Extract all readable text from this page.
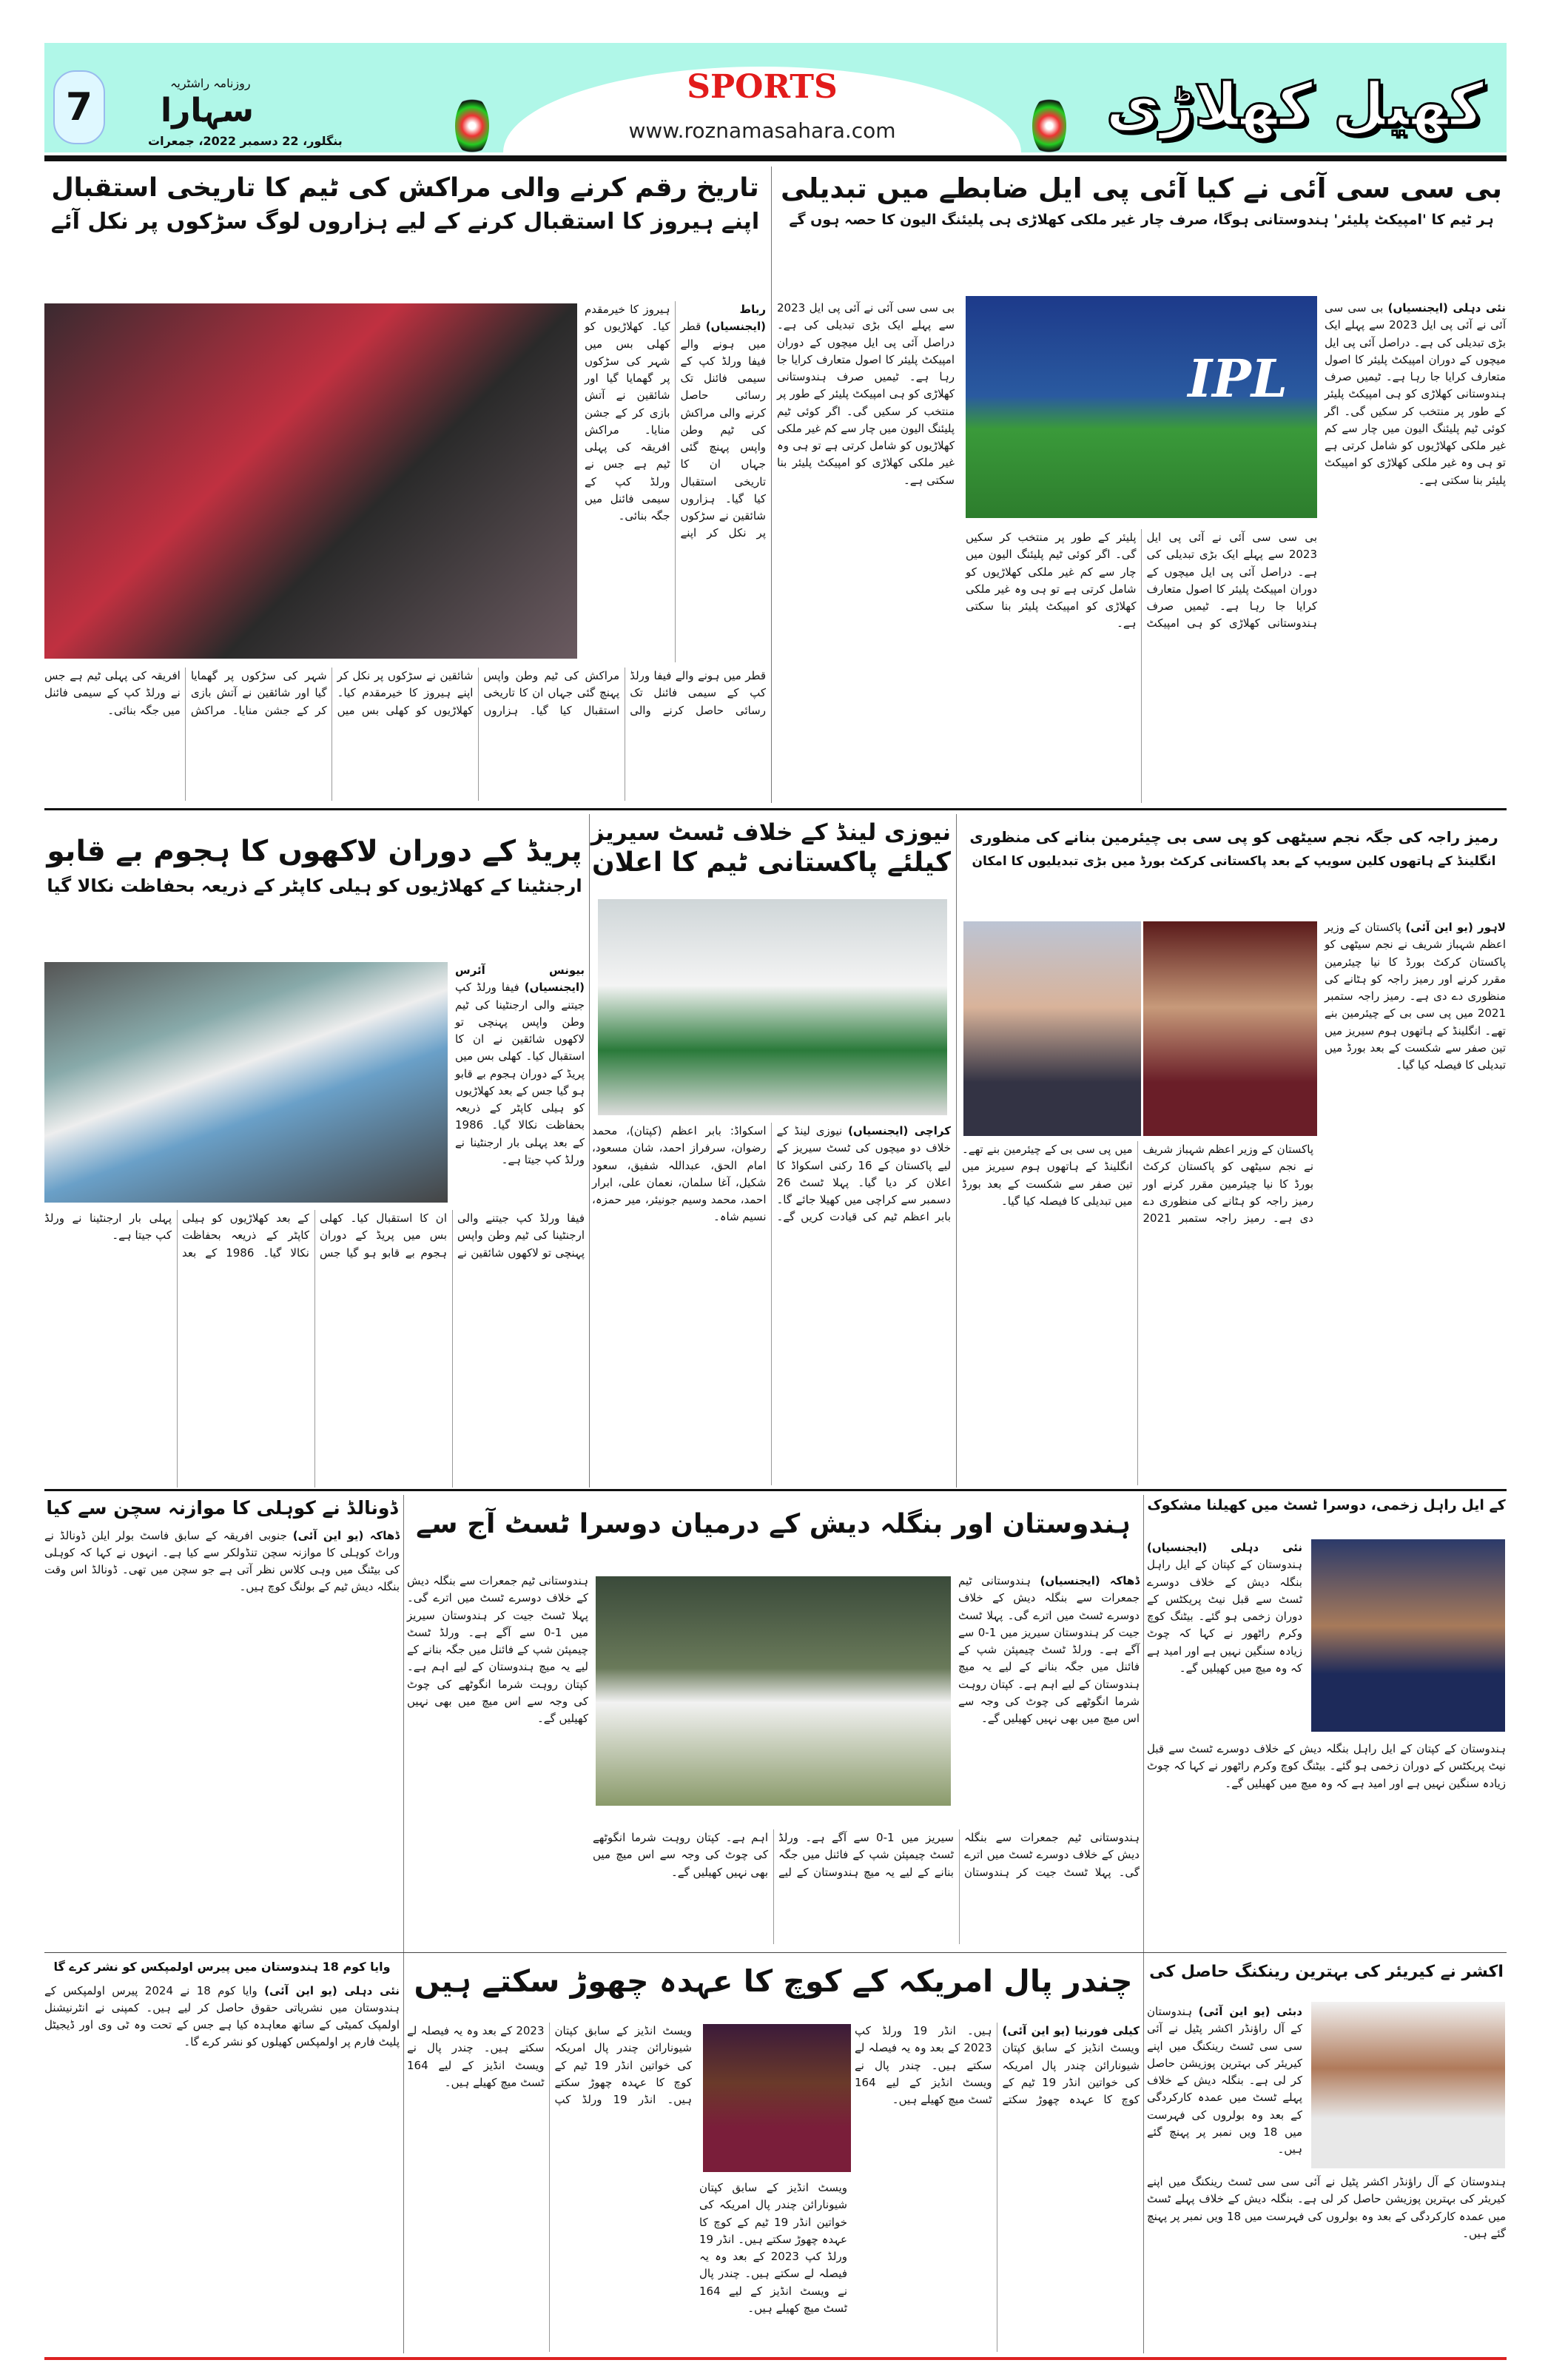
7
روزنامہ راشٹریہ
سہارا
بنگلور، 22 دسمبر 2022، جمعرات
SPORTS
www.roznamasahara.com	کھیل کھلاڑی
تاریخ رقم کرنے والی مراکش کی ٹیم کا تاریخی استقبال
اپنے ہیروز کا استقبال کرنے کے لیے ہزاروں لوگ سڑکوں پر نکل آئے
رباط (ایجنسیاں) قطر میں ہونے والے فیفا ورلڈ کپ کے سیمی فائنل تک رسائی حاصل کرنے والی مراکش کی ٹیم وطن واپس پہنچ گئی جہاں ان کا تاریخی استقبال کیا گیا۔ ہزاروں شائقین نے سڑکوں پر نکل کر اپنے ہیروز کا خیرمقدم کیا۔ کھلاڑیوں کو کھلی بس میں شہر کی سڑکوں پر گھمایا گیا اور شائقین نے آتش بازی کر کے جشن منایا۔ مراکش افریقہ کی پہلی ٹیم ہے جس نے ورلڈ کپ کے سیمی فائنل میں جگہ بنائی۔
قطر میں ہونے والے فیفا ورلڈ کپ کے سیمی فائنل تک رسائی حاصل کرنے والی مراکش کی ٹیم وطن واپس پہنچ گئی جہاں ان کا تاریخی استقبال کیا گیا۔ ہزاروں شائقین نے سڑکوں پر نکل کر اپنے ہیروز کا خیرمقدم کیا۔ کھلاڑیوں کو کھلی بس میں شہر کی سڑکوں پر گھمایا گیا اور شائقین نے آتش بازی کر کے جشن منایا۔ مراکش افریقہ کی پہلی ٹیم ہے جس نے ورلڈ کپ کے سیمی فائنل میں جگہ بنائی۔
بی سی سی آئی نے کیا آئی پی ایل ضابطے میں تبدیلی
ہر ٹیم کا 'امپیکٹ پلیئر' ہندوستانی ہوگا، صرف چار غیر ملکی کھلاڑی ہی پلیئنگ الیون کا حصہ ہوں گے
نئی دہلی (ایجنسیاں) بی سی سی آئی نے آئی پی ایل 2023 سے پہلے ایک بڑی تبدیلی کی ہے۔ دراصل آئی پی ایل میچوں کے دوران امپیکٹ پلیئر کا اصول متعارف کرایا جا رہا ہے۔ ٹیمیں صرف ہندوستانی کھلاڑی کو ہی امپیکٹ پلیئر کے طور پر منتخب کر سکیں گی۔ اگر کوئی ٹیم پلیئنگ الیون میں چار سے کم غیر ملکی کھلاڑیوں کو شامل کرتی ہے تو ہی وہ غیر ملکی کھلاڑی کو امپیکٹ پلیئر بنا سکتی ہے۔
بی سی سی آئی نے آئی پی ایل 2023 سے پہلے ایک بڑی تبدیلی کی ہے۔ دراصل آئی پی ایل میچوں کے دوران امپیکٹ پلیئر کا اصول متعارف کرایا جا رہا ہے۔ ٹیمیں صرف ہندوستانی کھلاڑی کو ہی امپیکٹ پلیئر کے طور پر منتخب کر سکیں گی۔ اگر کوئی ٹیم پلیئنگ الیون میں چار سے کم غیر ملکی کھلاڑیوں کو شامل کرتی ہے تو ہی وہ غیر ملکی کھلاڑی کو امپیکٹ پلیئر بنا سکتی ہے۔
بی سی سی آئی نے آئی پی ایل 2023 سے پہلے ایک بڑی تبدیلی کی ہے۔ دراصل آئی پی ایل میچوں کے دوران امپیکٹ پلیئر کا اصول متعارف کرایا جا رہا ہے۔ ٹیمیں صرف ہندوستانی کھلاڑی کو ہی امپیکٹ پلیئر کے طور پر منتخب کر سکیں گی۔ اگر کوئی ٹیم پلیئنگ الیون میں چار سے کم غیر ملکی کھلاڑیوں کو شامل کرتی ہے تو ہی وہ غیر ملکی کھلاڑی کو امپیکٹ پلیئر بنا سکتی ہے۔
IPL
پریڈ کے دوران لاکھوں کا ہجوم بے قابو
ارجنٹینا کے کھلاڑیوں کو ہیلی کاپٹر کے ذریعہ بحفاظت نکالا گیا
بیونس آئرس (ایجنسیاں) فیفا ورلڈ کپ جیتنے والی ارجنٹینا کی ٹیم وطن واپس پہنچی تو لاکھوں شائقین نے ان کا استقبال کیا۔ کھلی بس میں پریڈ کے دوران ہجوم بے قابو ہو گیا جس کے بعد کھلاڑیوں کو ہیلی کاپٹر کے ذریعہ بحفاظت نکالا گیا۔ 1986 کے بعد پہلی بار ارجنٹینا نے ورلڈ کپ جیتا ہے۔
فیفا ورلڈ کپ جیتنے والی ارجنٹینا کی ٹیم وطن واپس پہنچی تو لاکھوں شائقین نے ان کا استقبال کیا۔ کھلی بس میں پریڈ کے دوران ہجوم بے قابو ہو گیا جس کے بعد کھلاڑیوں کو ہیلی کاپٹر کے ذریعہ بحفاظت نکالا گیا۔ 1986 کے بعد پہلی بار ارجنٹینا نے ورلڈ کپ جیتا ہے۔
نیوزی لینڈ کے خلاف ٹسٹ سیریز
کیلئے پاکستانی ٹیم کا اعلان
کراچی (ایجنسیاں) نیوزی لینڈ کے خلاف دو میچوں کی ٹسٹ سیریز کے لیے پاکستان کے 16 رکنی اسکواڈ کا اعلان کر دیا گیا۔ پہلا ٹسٹ 26 دسمبر سے کراچی میں کھیلا جائے گا۔ بابر اعظم ٹیم کی قیادت کریں گے۔ اسکواڈ: بابر اعظم (کپتان)، محمد رضوان، سرفراز احمد، شان مسعود، امام الحق، عبداللہ شفیق، سعود شکیل، آغا سلمان، نعمان علی، ابرار احمد، محمد وسیم جونیئر، میر حمزہ، نسیم شاہ۔
رمیز راجہ کی جگہ نجم سیٹھی کو پی سی بی چیئرمین بنانے کی منظوری
انگلینڈ کے ہاتھوں کلین سویپ کے بعد پاکستانی کرکٹ بورڈ میں بڑی تبدیلیوں کا امکان
لاہور (یو این آئی) پاکستان کے وزیر اعظم شہباز شریف نے نجم سیٹھی کو پاکستان کرکٹ بورڈ کا نیا چیئرمین مقرر کرنے اور رمیز راجہ کو ہٹانے کی منظوری دے دی ہے۔ رمیز راجہ ستمبر 2021 میں پی سی بی کے چیئرمین بنے تھے۔ انگلینڈ کے ہاتھوں ہوم سیریز میں تین صفر سے شکست کے بعد بورڈ میں تبدیلی کا فیصلہ کیا گیا۔
پاکستان کے وزیر اعظم شہباز شریف نے نجم سیٹھی کو پاکستان کرکٹ بورڈ کا نیا چیئرمین مقرر کرنے اور رمیز راجہ کو ہٹانے کی منظوری دے دی ہے۔ رمیز راجہ ستمبر 2021 میں پی سی بی کے چیئرمین بنے تھے۔ انگلینڈ کے ہاتھوں ہوم سیریز میں تین صفر سے شکست کے بعد بورڈ میں تبدیلی کا فیصلہ کیا گیا۔
ڈونالڈ نے کوہلی کا موازنہ سچن سے کیا
ڈھاکہ (یو این آئی) جنوبی افریقہ کے سابق فاسٹ بولر ایلن ڈونالڈ نے وراٹ کوہلی کا موازنہ سچن تنڈولکر سے کیا ہے۔ انہوں نے کہا کہ کوہلی کی بیٹنگ میں وہی کلاس نظر آتی ہے جو سچن میں تھی۔ ڈونالڈ اس وقت بنگلہ دیش ٹیم کے بولنگ کوچ ہیں۔
ہندوستان اور بنگلہ دیش کے درمیان دوسرا ٹسٹ آج سے
ڈھاکہ (ایجنسیاں) ہندوستانی ٹیم جمعرات سے بنگلہ دیش کے خلاف دوسرے ٹسٹ میں اترے گی۔ پہلا ٹسٹ جیت کر ہندوستان سیریز میں 1-0 سے آگے ہے۔ ورلڈ ٹسٹ چیمپئن شپ کے فائنل میں جگہ بنانے کے لیے یہ میچ ہندوستان کے لیے اہم ہے۔ کپتان روہت شرما انگوٹھے کی چوٹ کی وجہ سے اس میچ میں بھی نہیں کھیلیں گے۔
ہندوستانی ٹیم جمعرات سے بنگلہ دیش کے خلاف دوسرے ٹسٹ میں اترے گی۔ پہلا ٹسٹ جیت کر ہندوستان سیریز میں 1-0 سے آگے ہے۔ ورلڈ ٹسٹ چیمپئن شپ کے فائنل میں جگہ بنانے کے لیے یہ میچ ہندوستان کے لیے اہم ہے۔ کپتان روہت شرما انگوٹھے کی چوٹ کی وجہ سے اس میچ میں بھی نہیں کھیلیں گے۔
ہندوستانی ٹیم جمعرات سے بنگلہ دیش کے خلاف دوسرے ٹسٹ میں اترے گی۔ پہلا ٹسٹ جیت کر ہندوستان سیریز میں 1-0 سے آگے ہے۔ ورلڈ ٹسٹ چیمپئن شپ کے فائنل میں جگہ بنانے کے لیے یہ میچ ہندوستان کے لیے اہم ہے۔ کپتان روہت شرما انگوٹھے کی چوٹ کی وجہ سے اس میچ میں بھی نہیں کھیلیں گے۔
کے ایل راہل زخمی، دوسرا ٹسٹ میں کھیلنا مشکوک
نئی دہلی (ایجنسیاں) ہندوستان کے کپتان کے ایل راہل بنگلہ دیش کے خلاف دوسرے ٹسٹ سے قبل نیٹ پریکٹس کے دوران زخمی ہو گئے۔ بیٹنگ کوچ وکرم راٹھور نے کہا کہ چوٹ زیادہ سنگین نہیں ہے اور امید ہے کہ وہ میچ میں کھیلیں گے۔
ہندوستان کے کپتان کے ایل راہل بنگلہ دیش کے خلاف دوسرے ٹسٹ سے قبل نیٹ پریکٹس کے دوران زخمی ہو گئے۔ بیٹنگ کوچ وکرم راٹھور نے کہا کہ چوٹ زیادہ سنگین نہیں ہے اور امید ہے کہ وہ میچ میں کھیلیں گے۔
وایا کوم 18 ہندوستان میں پیرس اولمپکس کو نشر کرے گا
نئی دہلی (یو این آئی) وایا کوم 18 نے 2024 پیرس اولمپکس کے ہندوستان میں نشریاتی حقوق حاصل کر لیے ہیں۔ کمپنی نے انٹرنیشنل اولمپک کمیٹی کے ساتھ معاہدہ کیا ہے جس کے تحت وہ ٹی وی اور ڈیجیٹل پلیٹ فارم پر اولمپکس کھیلوں کو نشر کرے گا۔
چندر پال امریکہ کے کوچ کا عہدہ چھوڑ سکتے ہیں
کیلی فورنیا (یو این آئی) ویسٹ انڈیز کے سابق کپتان شیونارائن چندر پال امریکہ کی خواتین انڈر 19 ٹیم کے کوچ کا عہدہ چھوڑ سکتے ہیں۔ انڈر 19 ورلڈ کپ 2023 کے بعد وہ یہ فیصلہ لے سکتے ہیں۔ چندر پال نے ویسٹ انڈیز کے لیے 164 ٹسٹ میچ کھیلے ہیں۔
ویسٹ انڈیز کے سابق کپتان شیونارائن چندر پال امریکہ کی خواتین انڈر 19 ٹیم کے کوچ کا عہدہ چھوڑ سکتے ہیں۔ انڈر 19 ورلڈ کپ 2023 کے بعد وہ یہ فیصلہ لے سکتے ہیں۔ چندر پال نے ویسٹ انڈیز کے لیے 164 ٹسٹ میچ کھیلے ہیں۔
ویسٹ انڈیز کے سابق کپتان شیونارائن چندر پال امریکہ کی خواتین انڈر 19 ٹیم کے کوچ کا عہدہ چھوڑ سکتے ہیں۔ انڈر 19 ورلڈ کپ 2023 کے بعد وہ یہ فیصلہ لے سکتے ہیں۔ چندر پال نے ویسٹ انڈیز کے لیے 164 ٹسٹ میچ کھیلے ہیں۔
اکشر نے کیریئر کی بہترین رینکنگ حاصل کی
دبئی (یو این آئی) ہندوستان کے آل راؤنڈر اکشر پٹیل نے آئی سی سی ٹسٹ رینکنگ میں اپنے کیریئر کی بہترین پوزیشن حاصل کر لی ہے۔ بنگلہ دیش کے خلاف پہلے ٹسٹ میں عمدہ کارکردگی کے بعد وہ بولروں کی فہرست میں 18 ویں نمبر پر پہنچ گئے ہیں۔
ہندوستان کے آل راؤنڈر اکشر پٹیل نے آئی سی سی ٹسٹ رینکنگ میں اپنے کیریئر کی بہترین پوزیشن حاصل کر لی ہے۔ بنگلہ دیش کے خلاف پہلے ٹسٹ میں عمدہ کارکردگی کے بعد وہ بولروں کی فہرست میں 18 ویں نمبر پر پہنچ گئے ہیں۔
